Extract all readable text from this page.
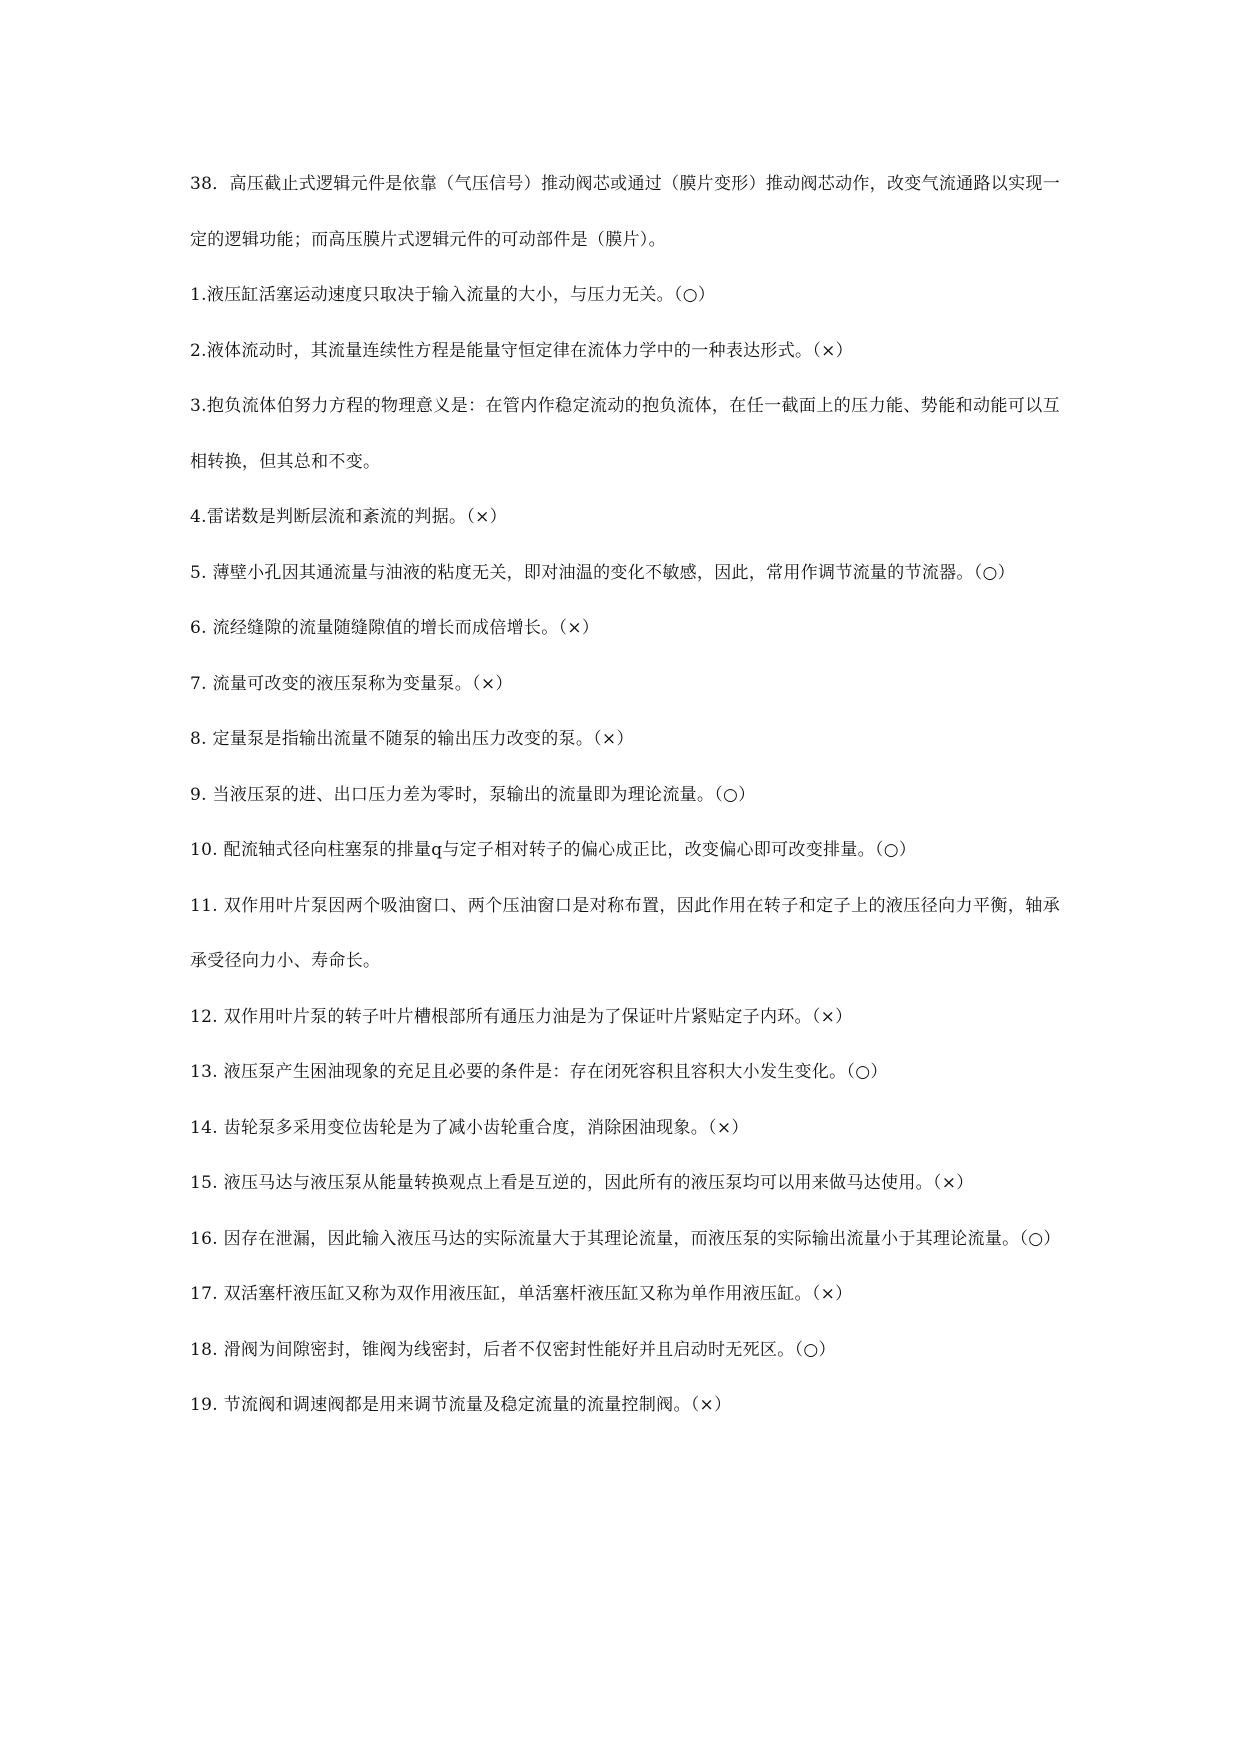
38．高压截止式逻辑元件是依靠（气压信号）推动阀芯或通过（膜片变形）推动阀芯动作，改变气流通路以实现一定的逻辑功能；而高压膜片式逻辑元件的可动部件是（膜片）。

1.液压缸活塞运动速度只取决于输入流量的大小，与压力无关。（○）

2.液体流动时，其流量连续性方程是能量守恒定律在流体力学中的一种表达形式。（×）

3.抱负流体伯努力方程的物理意义是：在管内作稳定流动的抱负流体，在任一截面上的压力能、势能和动能可以互相转换，但其总和不变。

4.雷诺数是判断层流和紊流的判据。（×）

5. 薄壁小孔因其通流量与油液的粘度无关，即对油温的变化不敏感，因此，常用作调节流量的节流器。（○）

6. 流经缝隙的流量随缝隙值的增长而成倍增长。（×）

7. 流量可改变的液压泵称为变量泵。（×）

8. 定量泵是指输出流量不随泵的输出压力改变的泵。（×）

9. 当液压泵的进、出口压力差为零时，泵输出的流量即为理论流量。（○）

10. 配流轴式径向柱塞泵的排量q与定子相对转子的偏心成正比，改变偏心即可改变排量。（○）

11. 双作用叶片泵因两个吸油窗口、两个压油窗口是对称布置，因此作用在转子和定子上的液压径向力平衡，轴承承受径向力小、寿命长。

12. 双作用叶片泵的转子叶片槽根部所有通压力油是为了保证叶片紧贴定子内环。（×）

13. 液压泵产生困油现象的充足且必要的条件是：存在闭死容积且容积大小发生变化。（○）

14. 齿轮泵多采用变位齿轮是为了减小齿轮重合度，消除困油现象。（×）

15. 液压马达与液压泵从能量转换观点上看是互逆的，因此所有的液压泵均可以用来做马达使用。（×）

16. 因存在泄漏，因此输入液压马达的实际流量大于其理论流量，而液压泵的实际输出流量小于其理论流量。（○）

17. 双活塞杆液压缸又称为双作用液压缸，单活塞杆液压缸又称为单作用液压缸。（×）

18. 滑阀为间隙密封，锥阀为线密封，后者不仅密封性能好并且启动时无死区。（○）

19. 节流阀和调速阀都是用来调节流量及稳定流量的流量控制阀。（×）
